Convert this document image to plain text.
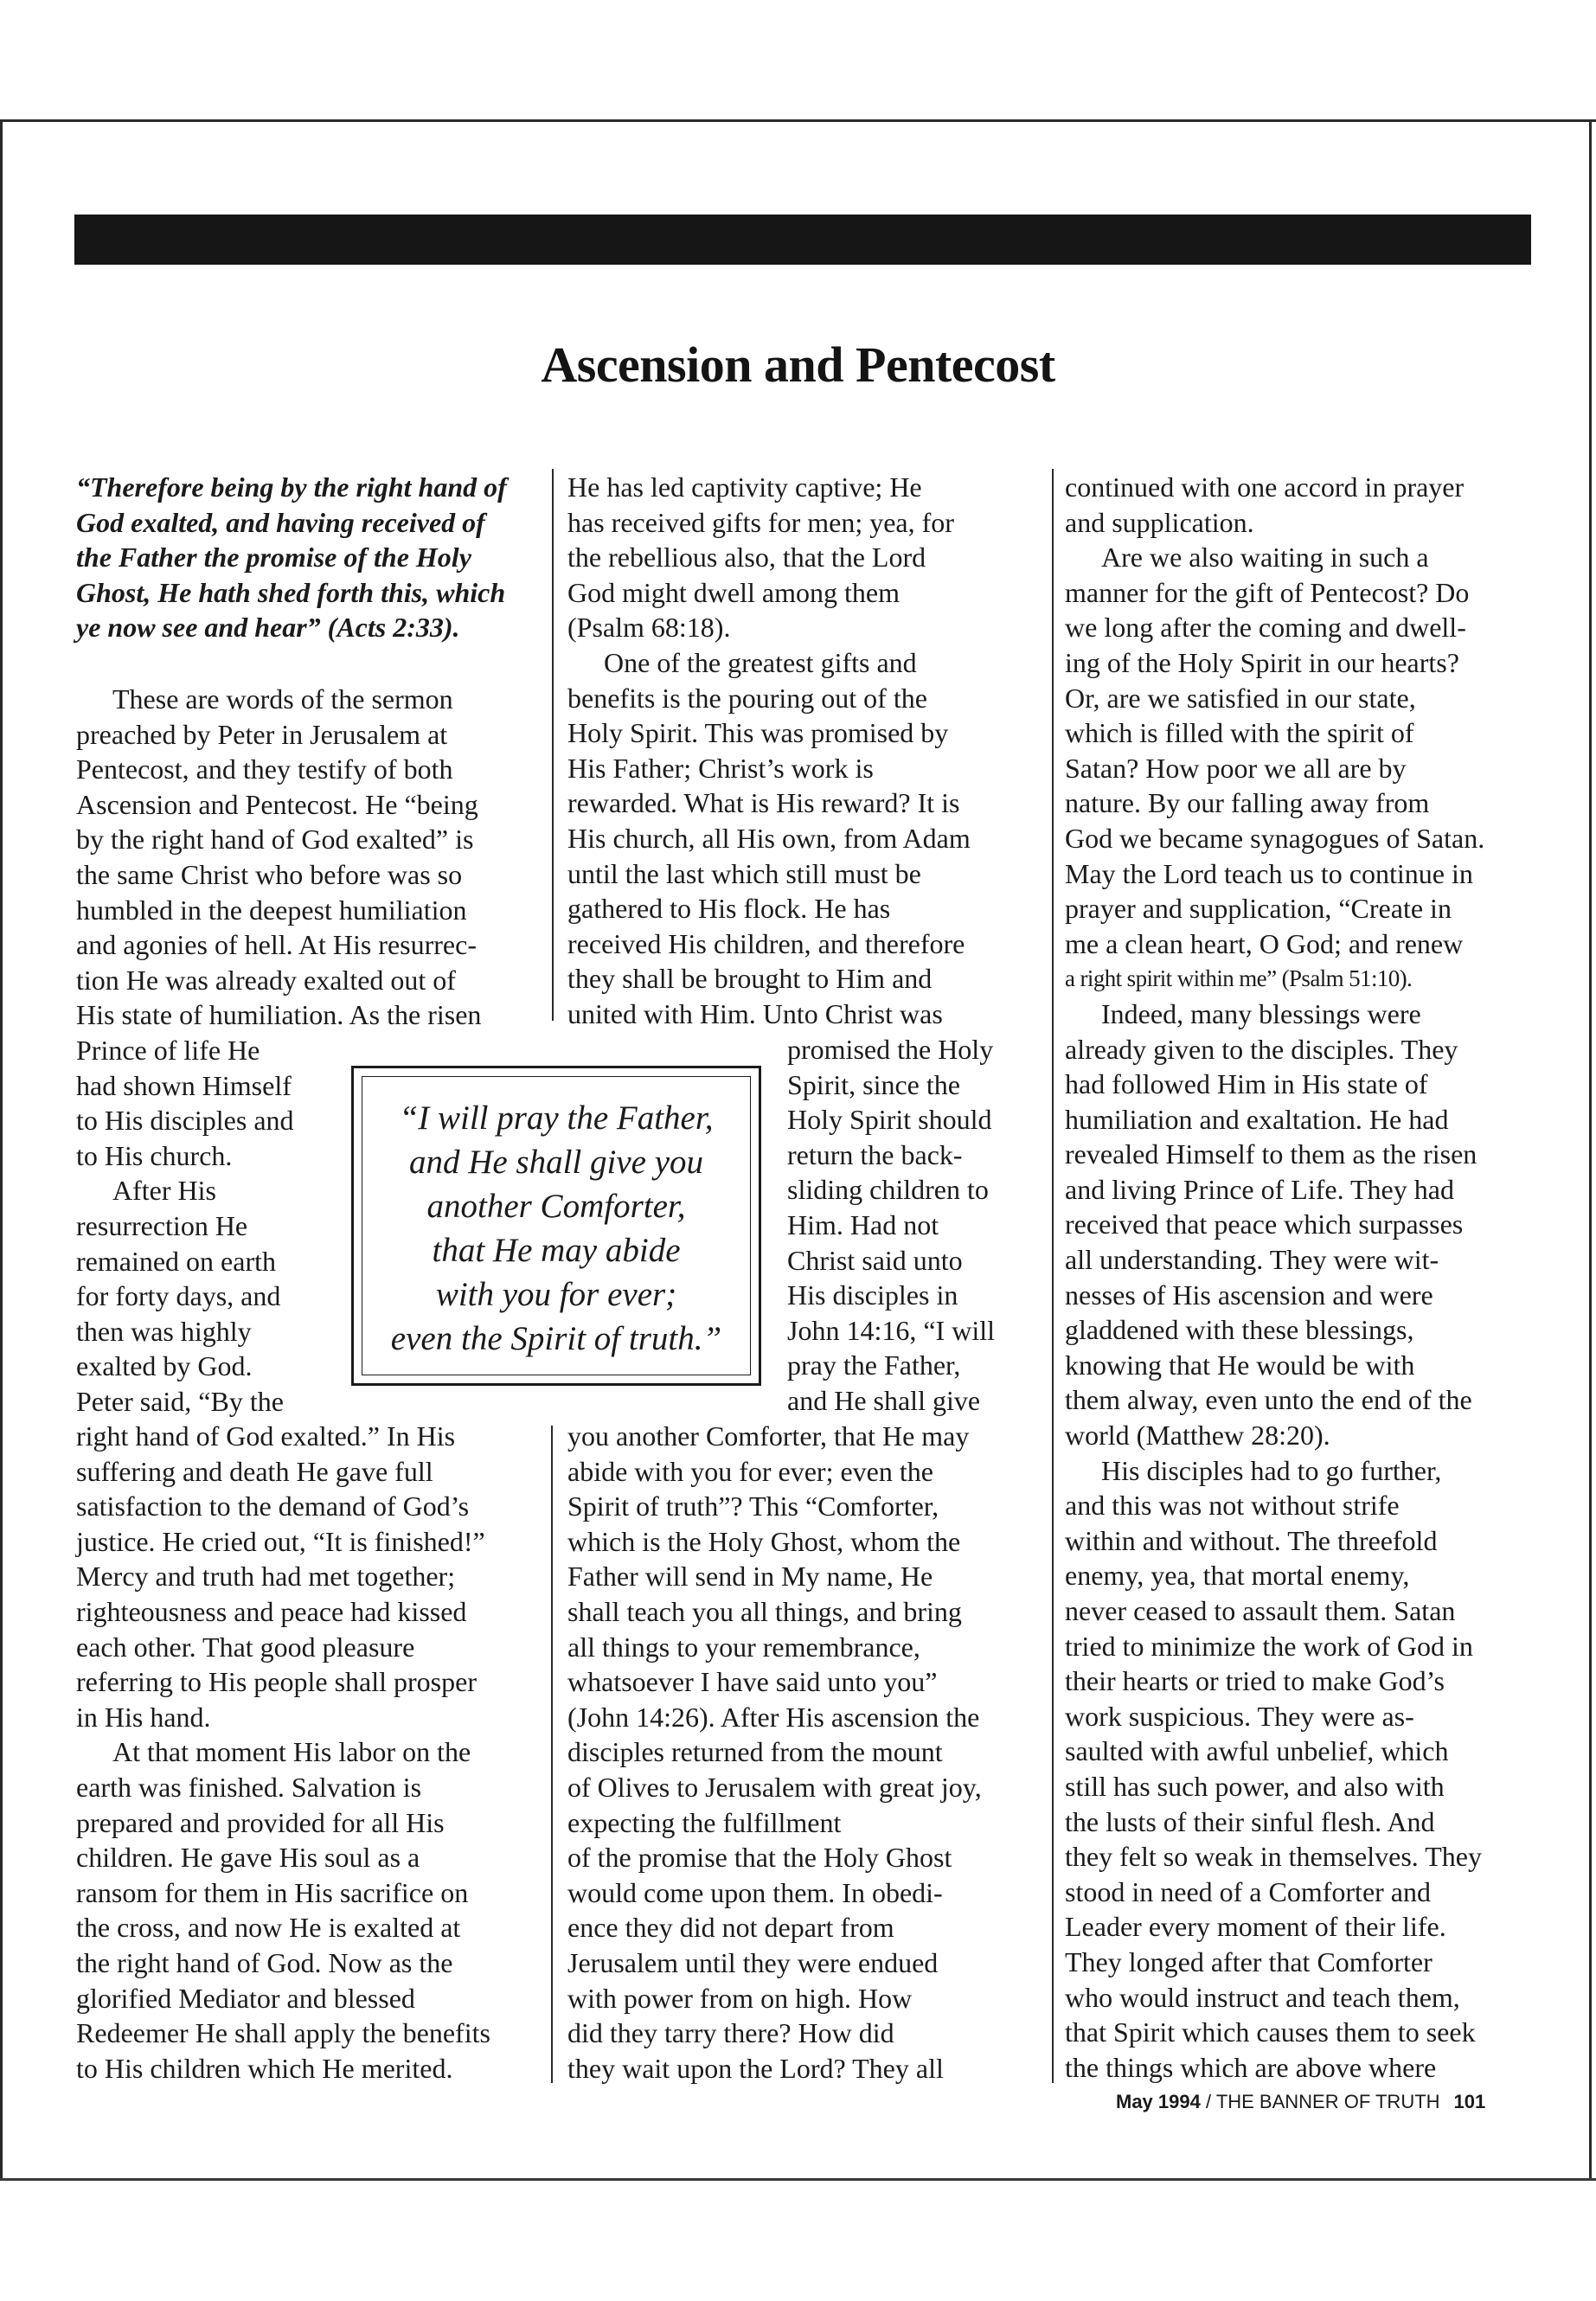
Ascension and Pentecost
“Therefore being by the right hand of
God exalted, and having received of
the Father the promise of the Holy
Ghost, He hath shed forth this, which
ye now see and hear” (Acts 2:33).
These are words of the sermon
preached by Peter in Jerusalem at
Pentecost, and they testify of both
Ascension and Pentecost. He “being
by the right hand of God exalted” is
the same Christ who before was so
humbled in the deepest humiliation
and agonies of hell. At His resurrec-
tion He was already exalted out of
His state of humiliation. As the risen
Prince of life He
had shown Himself
to His disciples and
to His church.
After His
resurrection He
remained on earth
for forty days, and
then was highly
exalted by God.
Peter said, “By the
right hand of God exalted.” In His
suffering and death He gave full
satisfaction to the demand of God’s
justice. He cried out, “It is finished!”
Mercy and truth had met together;
righteousness and peace had kissed
each other. That good pleasure
referring to His people shall prosper
in His hand.
At that moment His labor on the
earth was finished. Salvation is
prepared and provided for all His
children. He gave His soul as a
ransom for them in His sacrifice on
the cross, and now He is exalted at
the right hand of God. Now as the
glorified Mediator and blessed
Redeemer He shall apply the benefits
to His children which He merited.
He has led captivity captive; He
has received gifts for men; yea, for
the rebellious also, that the Lord
God might dwell among them
(Psalm 68:18).
One of the greatest gifts and
benefits is the pouring out of the
Holy Spirit. This was promised by
His Father; Christ’s work is
rewarded. What is His reward? It is
His church, all His own, from Adam
until the last which still must be
gathered to His flock. He has
received His children, and therefore
they shall be brought to Him and
united with Him. Unto Christ was
promised the Holy
Spirit, since the
Holy Spirit should
return the back-
sliding children to
Him. Had not
Christ said unto
His disciples in
John 14:16, “I will
pray the Father,
and He shall give
you another Comforter, that He may
abide with you for ever; even the
Spirit of truth”? This “Comforter,
which is the Holy Ghost, whom the
Father will send in My name, He
shall teach you all things, and bring
all things to your remembrance,
whatsoever I have said unto you”
(John 14:26). After His ascension the
disciples returned from the mount
of Olives to Jerusalem with great joy,
expecting the fulfillment
of the promise that the Holy Ghost
would come upon them. In obedi-
ence they did not depart from
Jerusalem until they were endued
with power from on high. How
did they tarry there? How did
they wait upon the Lord? They all
continued with one accord in prayer
and supplication.
Are we also waiting in such a
manner for the gift of Pentecost? Do
we long after the coming and dwell-
ing of the Holy Spirit in our hearts?
Or, are we satisfied in our state,
which is filled with the spirit of
Satan? How poor we all are by
nature. By our falling away from
God we became synagogues of Satan.
May the Lord teach us to continue in
prayer and supplication, “Create in
me a clean heart, O God; and renew
a right spirit within me” (Psalm 51:10).
Indeed, many blessings were
already given to the disciples. They
had followed Him in His state of
humiliation and exaltation. He had
revealed Himself to them as the risen
and living Prince of Life. They had
received that peace which surpasses
all understanding. They were wit-
nesses of His ascension and were
gladdened with these blessings,
knowing that He would be with
them alway, even unto the end of the
world (Matthew 28:20).
His disciples had to go further,
and this was not without strife
within and without. The threefold
enemy, yea, that mortal enemy,
never ceased to assault them. Satan
tried to minimize the work of God in
their hearts or tried to make God’s
work suspicious. They were as-
saulted with awful unbelief, which
still has such power, and also with
the lusts of their sinful flesh. And
they felt so weak in themselves. They
stood in need of a Comforter and
Leader every moment of their life.
They longed after that Comforter
who would instruct and teach them,
that Spirit which causes them to seek
the things which are above where
“I will pray the Father,
and He shall give you
another Comforter,
that He may abide
with you for ever;
even the Spirit of truth.”
May 1994 / THE BANNER OF TRUTH 101
